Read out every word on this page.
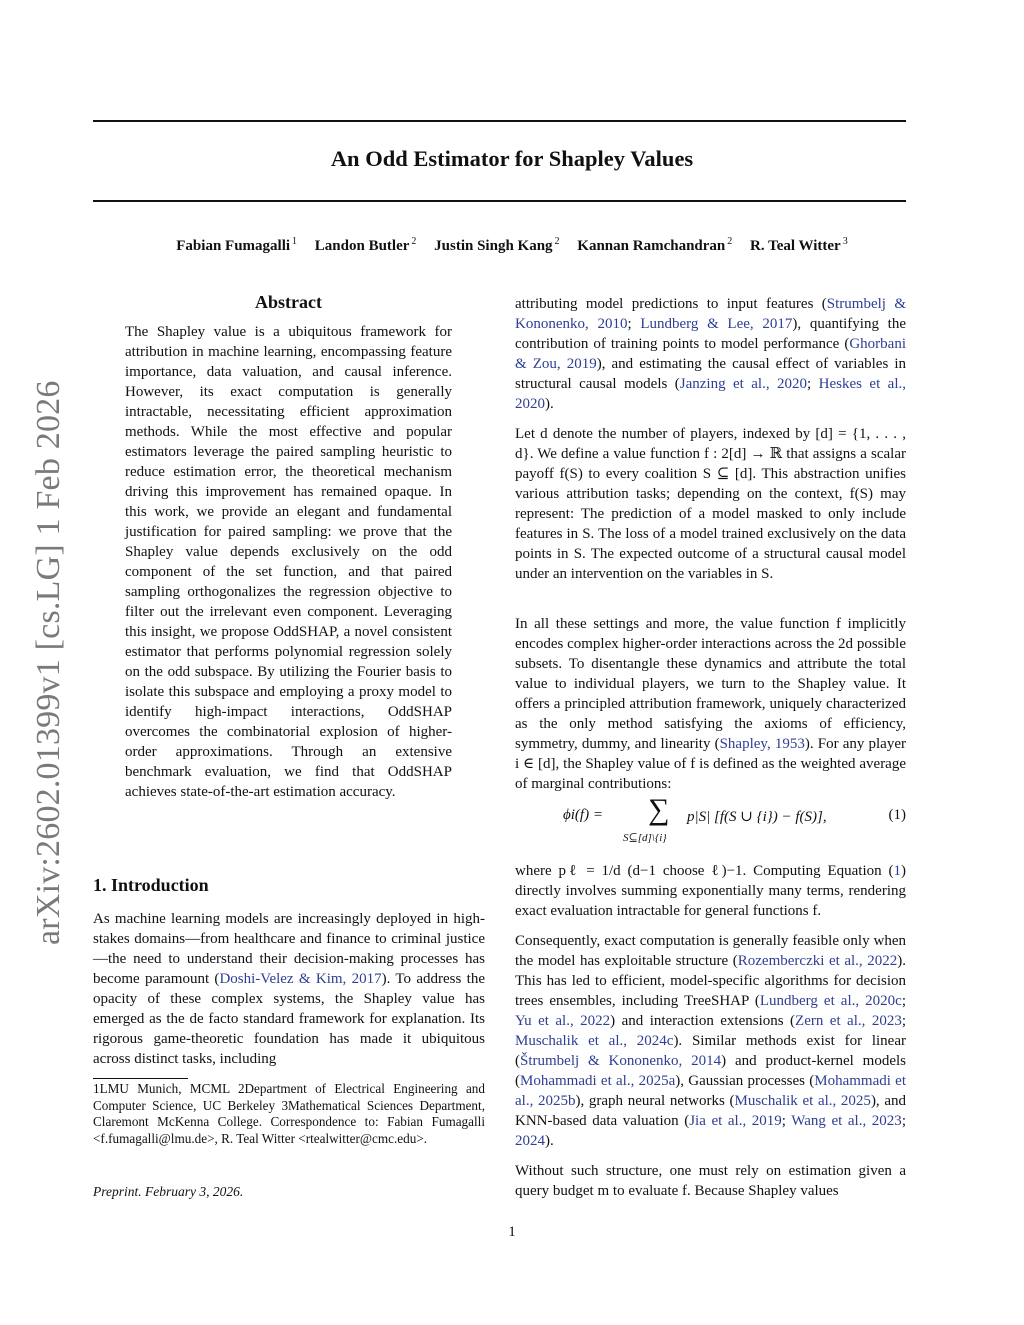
arXiv:2602.01399v1 [cs.LG] 1 Feb 2026
An Odd Estimator for Shapley Values
Fabian Fumagalli $^1$ Landon Butler $^2$ Justin Singh Kang $^2$ Kannan Ramchandran $^2$ R. Teal Witter $^3$
Abstract
The Shapley value is a ubiquitous framework for attribution in machine learning, encompassing feature importance, data valuation, and causal inference. However, its exact computation is generally intractable, necessitating efficient approximation methods. While the most effective and popular estimators leverage the paired sampling heuristic to reduce estimation error, the theoretical mechanism driving this improvement has remained opaque. In this work, we provide an elegant and fundamental justification for paired sampling: we prove that the Shapley value depends exclusively on the odd component of the set function, and that paired sampling orthogonalizes the regression objective to filter out the irrelevant even component. Leveraging this insight, we propose OddSHAP, a novel consistent estimator that performs polynomial regression solely on the odd subspace. By utilizing the Fourier basis to isolate this subspace and employing a proxy model to identify high-impact interactions, OddSHAP overcomes the combinatorial explosion of higher-order approximations. Through an extensive benchmark evaluation, we find that OddSHAP achieves state-of-the-art estimation accuracy.
1. Introduction
As machine learning models are increasingly deployed in high-stakes domains—from healthcare and finance to criminal justice—the need to understand their decision-making processes has become paramount (Doshi-Velez & Kim, 2017). To address the opacity of these complex systems, the Shapley value has emerged as the de facto standard framework for explanation. Its rigorous game-theoretic foundation has made it ubiquitous across distinct tasks, including
1LMU Munich, MCML 2Department of Electrical Engineering and Computer Science, UC Berkeley 3Mathematical Sciences Department, Claremont McKenna College. Correspondence to: Fabian Fumagalli <f.fumagalli@lmu.de>, R. Teal Witter <rtealwitter@cmc.edu>.
Preprint. February 3, 2026.
attributing model predictions to input features (Strumbelj & Kononenko, 2010; Lundberg & Lee, 2017), quantifying the contribution of training points to model performance (Ghorbani & Zou, 2019), and estimating the causal effect of variables in structural causal models (Janzing et al., 2020; Heskes et al., 2020).
Let d denote the number of players, indexed by [d] = {1, . . . , d}. We define a value function f : 2[d] → ℝ that assigns a scalar payoff f(S) to every coalition S ⊆ [d]. This abstraction unifies various attribution tasks; depending on the context, f(S) may represent: The prediction of a model masked to only include features in S. The loss of a model trained exclusively on the data points in S. The expected outcome of a structural causal model under an intervention on the variables in S.
In all these settings and more, the value function f implicitly encodes complex higher-order interactions across the 2d possible subsets. To disentangle these dynamics and attribute the total value to individual players, we turn to the Shapley value. It offers a principled attribution framework, uniquely characterized as the only method satisfying the axioms of efficiency, symmetry, dummy, and linearity (Shapley, 1953). For any player i ∈ [d], the Shapley value of f is defined as the weighted average of marginal contributions:
ϕi(f) = ∑
S⊆[d]\{i}
p|S| [f(S ∪ {i}) − f(S)],	(1)
where pℓ = 1/d (d−1 choose ℓ)−1. Computing Equation (1) directly involves summing exponentially many terms, rendering exact evaluation intractable for general functions f.
Consequently, exact computation is generally feasible only when the model has exploitable structure (Rozemberczki et al., 2022). This has led to efficient, model-specific algorithms for decision trees ensembles, including TreeSHAP (Lundberg et al., 2020c; Yu et al., 2022) and interaction extensions (Zern et al., 2023; Muschalik et al., 2024c). Similar methods exist for linear (Štrumbelj & Kononenko, 2014) and product-kernel models (Mohammadi et al., 2025a), Gaussian processes (Mohammadi et al., 2025b), graph neural networks (Muschalik et al., 2025), and KNN-based data valuation (Jia et al., 2019; Wang et al., 2023; 2024).
Without such structure, one must rely on estimation given a query budget m to evaluate f. Because Shapley values
1
